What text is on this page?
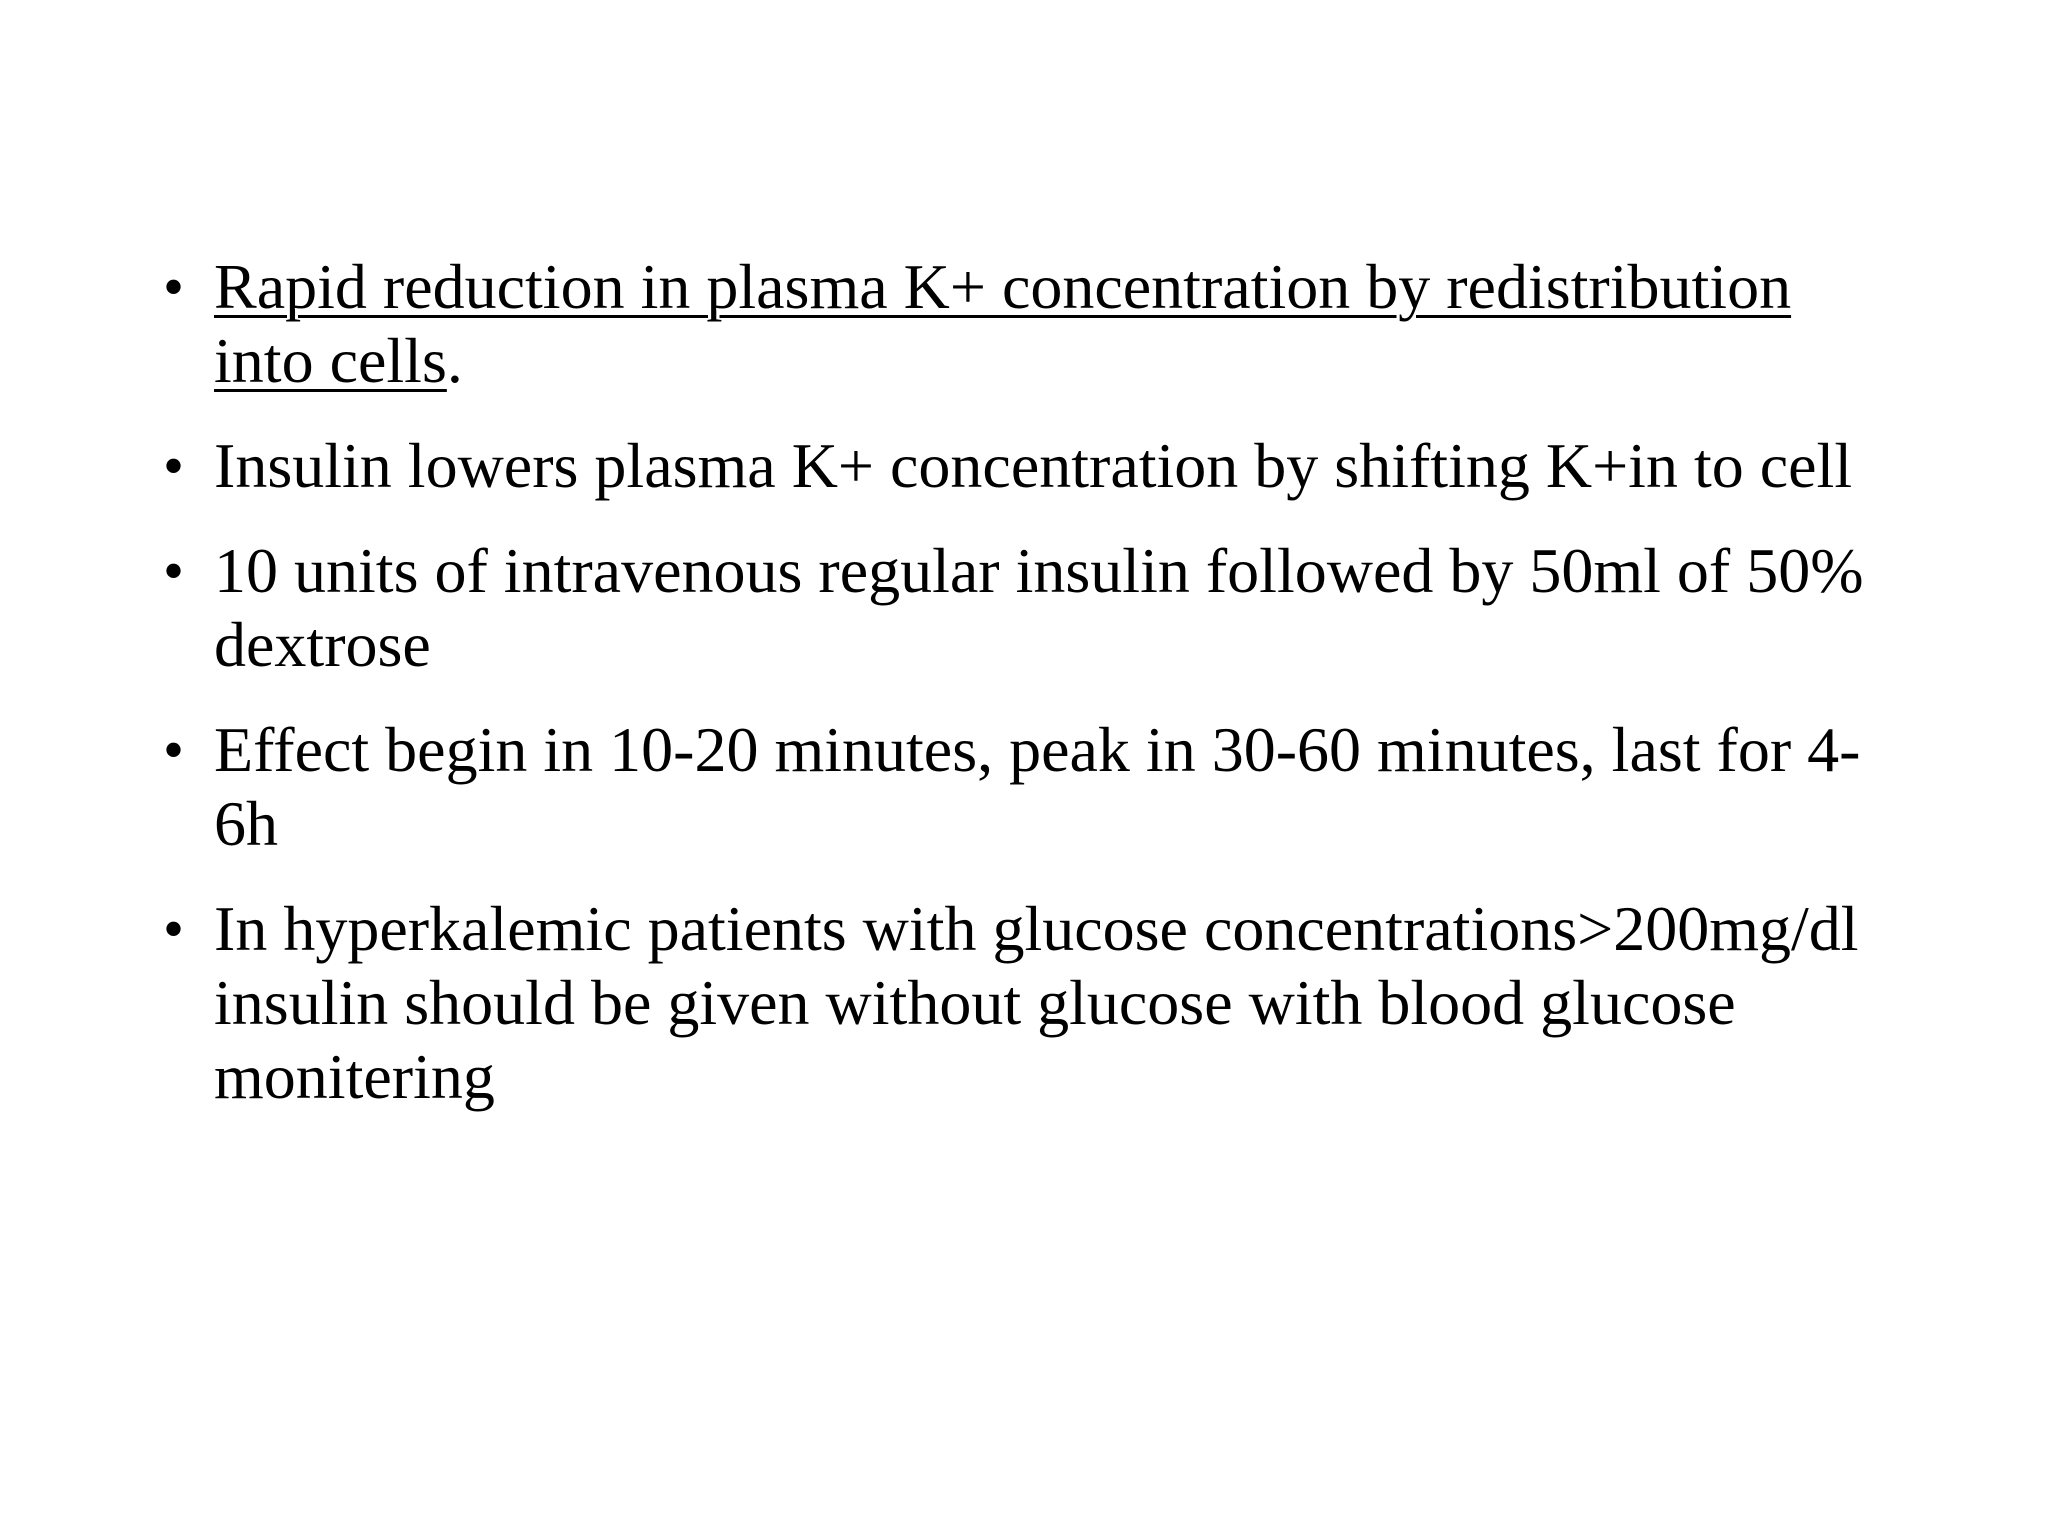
• Rapid reduction in plasma K+ concentration by redistribution into cells.
• Insulin lowers plasma K+ concentration by shifting K+in to cell
• 10 units of intravenous regular insulin followed by 50ml of 50% dextrose
• Effect begin in 10-20 minutes, peak in 30-60 minutes, last for 4-6h
• In hyperkalemic patients with glucose concentrations>200mg/dl insulin should be given without glucose with blood glucose monitering
